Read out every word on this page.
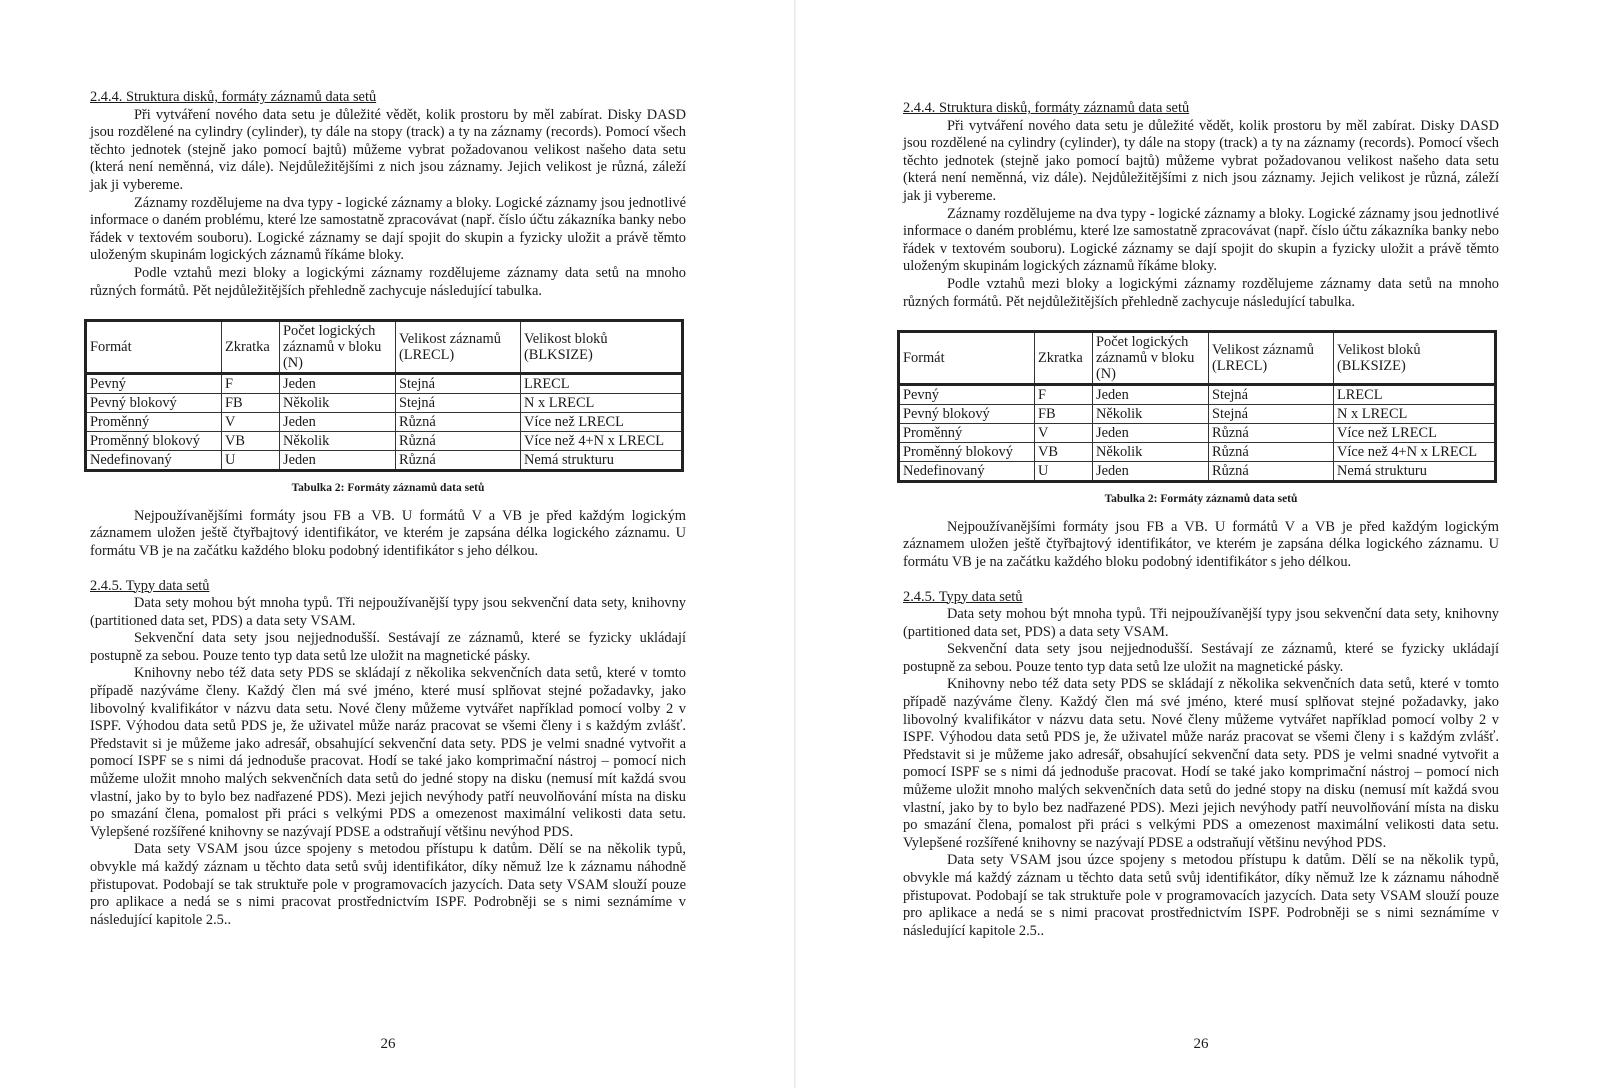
2.4.4. Struktura disků, formáty záznamů data setů

Při vytváření nového data setu je důležité vědět, kolik prostoru by měl zabírat. Disky DASD jsou rozdělené na cylindry (cylinder), ty dále na stopy (track) a ty na záznamy (records). Pomocí všech těchto jednotek (stejně jako pomocí bajtů) můžeme vybrat požadovanou velikost našeho data setu (která není neměnná, viz dále). Nejdůležitějšími z nich jsou záznamy. Jejich velikost je různá, záleží jak ji vybereme.

Záznamy rozdělujeme na dva typy - logické záznamy a bloky. Logické záznamy jsou jednotlivé informace o daném problému, které lze samostatně zpracovávat (např. číslo účtu zákazníka banky nebo řádek v textovém souboru). Logické záznamy se dají spojit do skupin a fyzicky uložit a právě těmto uloženým skupinám logických záznamů říkáme bloky.

Podle vztahů mezi bloky a logickými záznamy rozdělujeme záznamy data setů na mnoho různých formátů. Pět nejdůležitějších přehledně zachycuje následující tabulka.

Formát	Zkratka	Počet logických záznamů v bloku (N)	Velikost záznamů (LRECL)	Velikost bloků (BLKSIZE)
Pevný	F	Jeden	Stejná	LRECL
Pevný blokový	FB	Několik	Stejná	N x LRECL
Proměnný	V	Jeden	Různá	Více než LRECL
Proměnný blokový	VB	Několik	Různá	Více než 4+N x LRECL
Nedefinovaný	U	Jeden	Různá	Nemá strukturu

Tabulka 2: Formáty záznamů data setů

Nejpoužívanějšími formáty jsou FB a VB. U formátů V a VB je před každým logickým záznamem uložen ještě čtyřbajtový identifikátor, ve kterém je zapsána délka logického záznamu. U formátu VB je na začátku každého bloku podobný identifikátor s jeho délkou.

2.4.5. Typy data setů

Data sety mohou být mnoha typů. Tři nejpoužívanější typy jsou sekvenční data sety, knihovny (partitioned data set, PDS) a data sety VSAM.

Sekvenční data sety jsou nejjednodušší. Sestávají ze záznamů, které se fyzicky ukládají postupně za sebou. Pouze tento typ data setů lze uložit na magnetické pásky.

Knihovny nebo též data sety PDS se skládají z několika sekvenčních data setů, které v tomto případě nazýváme členy. Každý člen má své jméno, které musí splňovat stejné požadavky, jako libovolný kvalifikátor v názvu data setu. Nové členy můžeme vytvářet například pomocí volby 2 v ISPF. Výhodou data setů PDS je, že uživatel může naráz pracovat se všemi členy i s každým zvlášť. Představit si je můžeme jako adresář, obsahující sekvenční data sety. PDS je velmi snadné vytvořit a pomocí ISPF se s nimi dá jednoduše pracovat. Hodí se také jako komprimační nástroj – pomocí nich můžeme uložit mnoho malých sekvenčních data setů do jedné stopy na disku (nemusí mít každá svou vlastní, jako by to bylo bez nadřazené PDS). Mezi jejich nevýhody patří neuvolňování místa na disku po smazání člena, pomalost při práci s velkými PDS a omezenost maximální velikosti data setu. Vylepšené rozšířené knihovny se nazývají PDSE a odstraňují většinu nevýhod PDS.

Data sety VSAM jsou úzce spojeny s metodou přístupu k datům. Dělí se na několik typů, obvykle má každý záznam u těchto data setů svůj identifikátor, díky němuž lze k záznamu náhodně přistupovat. Podobají se tak struktuře pole v programovacích jazycích. Data sety VSAM slouží pouze pro aplikace a nedá se s nimi pracovat prostřednictvím ISPF. Podrobněji se s nimi seznámíme v následující kapitole 2.5..

26

2.4.4. Struktura disků, formáty záznamů data setů

Při vytváření nového data setu je důležité vědět, kolik prostoru by měl zabírat. Disky DASD jsou rozdělené na cylindry (cylinder), ty dále na stopy (track) a ty na záznamy (records). Pomocí všech těchto jednotek (stejně jako pomocí bajtů) můžeme vybrat požadovanou velikost našeho data setu (která není neměnná, viz dále). Nejdůležitějšími z nich jsou záznamy. Jejich velikost je různá, záleží jak ji vybereme.

Záznamy rozdělujeme na dva typy - logické záznamy a bloky. Logické záznamy jsou jednotlivé informace o daném problému, které lze samostatně zpracovávat (např. číslo účtu zákazníka banky nebo řádek v textovém souboru). Logické záznamy se dají spojit do skupin a fyzicky uložit a právě těmto uloženým skupinám logických záznamů říkáme bloky.

Podle vztahů mezi bloky a logickými záznamy rozdělujeme záznamy data setů na mnoho různých formátů. Pět nejdůležitějších přehledně zachycuje následující tabulka.

Formát	Zkratka	Počet logických záznamů v bloku (N)	Velikost záznamů (LRECL)	Velikost bloků (BLKSIZE)
Pevný	F	Jeden	Stejná	LRECL
Pevný blokový	FB	Několik	Stejná	N x LRECL
Proměnný	V	Jeden	Různá	Více než LRECL
Proměnný blokový	VB	Několik	Různá	Více než 4+N x LRECL
Nedefinovaný	U	Jeden	Různá	Nemá strukturu

Tabulka 2: Formáty záznamů data setů

Nejpoužívanějšími formáty jsou FB a VB. U formátů V a VB je před každým logickým záznamem uložen ještě čtyřbajtový identifikátor, ve kterém je zapsána délka logického záznamu. U formátu VB je na začátku každého bloku podobný identifikátor s jeho délkou.

2.4.5. Typy data setů

Data sety mohou být mnoha typů. Tři nejpoužívanější typy jsou sekvenční data sety, knihovny (partitioned data set, PDS) a data sety VSAM.

Sekvenční data sety jsou nejjednodušší. Sestávají ze záznamů, které se fyzicky ukládají postupně za sebou. Pouze tento typ data setů lze uložit na magnetické pásky.

Knihovny nebo též data sety PDS se skládají z několika sekvenčních data setů, které v tomto případě nazýváme členy. Každý člen má své jméno, které musí splňovat stejné požadavky, jako libovolný kvalifikátor v názvu data setu. Nové členy můžeme vytvářet například pomocí volby 2 v ISPF. Výhodou data setů PDS je, že uživatel může naráz pracovat se všemi členy i s každým zvlášť. Představit si je můžeme jako adresář, obsahující sekvenční data sety. PDS je velmi snadné vytvořit a pomocí ISPF se s nimi dá jednoduše pracovat. Hodí se také jako komprimační nástroj – pomocí nich můžeme uložit mnoho malých sekvenčních data setů do jedné stopy na disku (nemusí mít každá svou vlastní, jako by to bylo bez nadřazené PDS). Mezi jejich nevýhody patří neuvolňování místa na disku po smazání člena, pomalost při práci s velkými PDS a omezenost maximální velikosti data setu. Vylepšené rozšířené knihovny se nazývají PDSE a odstraňují většinu nevýhod PDS.

Data sety VSAM jsou úzce spojeny s metodou přístupu k datům. Dělí se na několik typů, obvykle má každý záznam u těchto data setů svůj identifikátor, díky němuž lze k záznamu náhodně přistupovat. Podobají se tak struktuře pole v programovacích jazycích. Data sety VSAM slouží pouze pro aplikace a nedá se s nimi pracovat prostřednictvím ISPF. Podrobněji se s nimi seznámíme v následující kapitole 2.5..

26
